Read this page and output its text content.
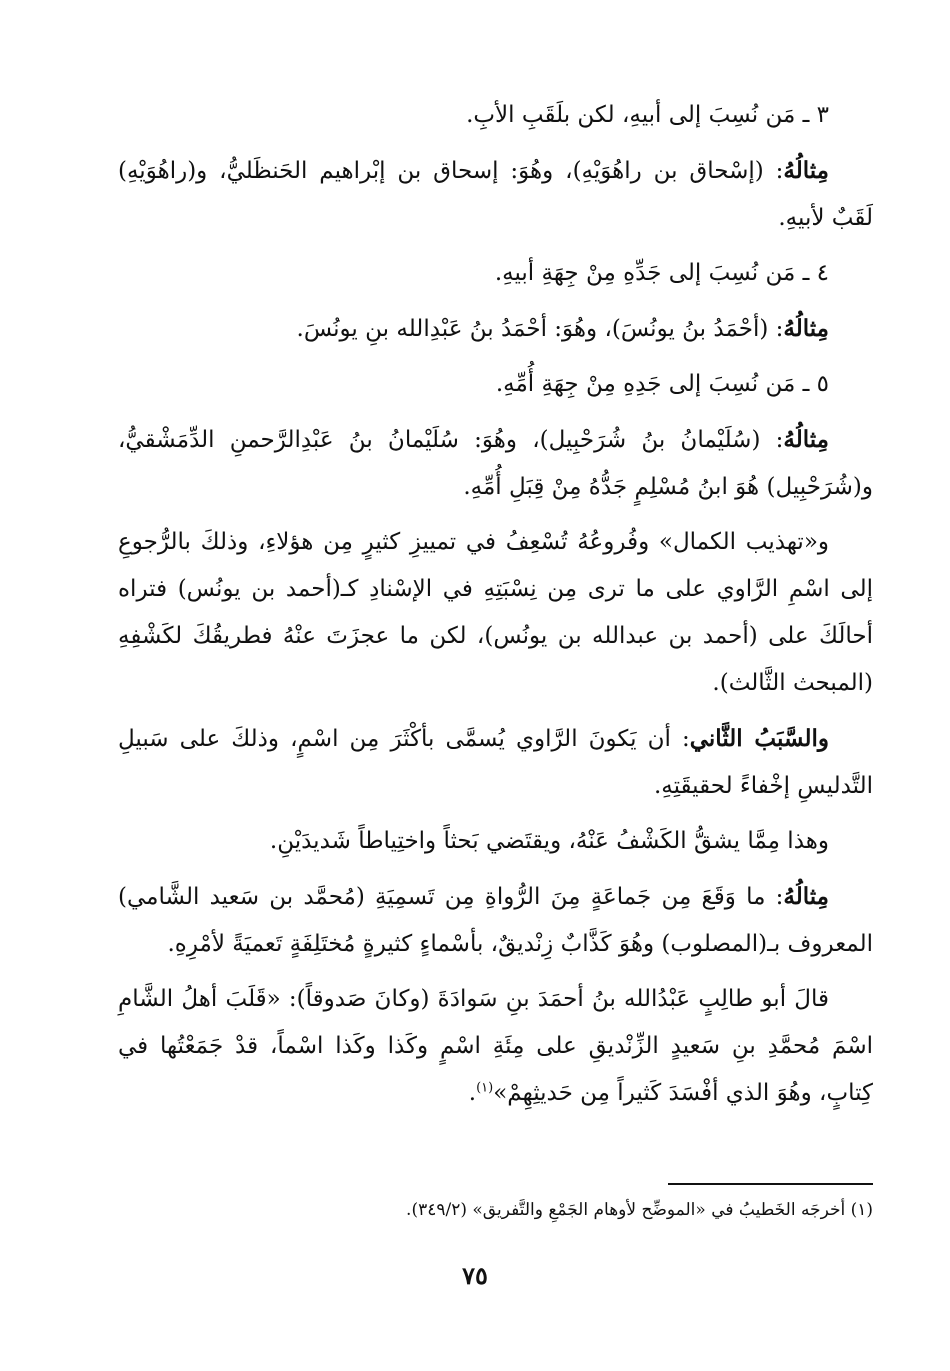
٣ ـ مَن نُسِبَ إلى أبيهِ، لكن بلَقَبِ الأبِ.

مِثالُهُ: (إسْحاق بن راهُوَيْهِ)، وهُوَ: إسحاق بن إبْراهيم الحَنظَليُّ، و(راهُوَيْهِ) لَقَبٌ لأبيهِ.

٤ ـ مَن نُسِبَ إلى جَدِّهِ مِنْ جِهَةِ أبيهِ.

مِثالُهُ: (أحْمَدُ بنُ يونُسَ)، وهُوَ: أحْمَدُ بنُ عَبْدِالله بنِ يونُسَ.

٥ ـ مَن نُسِبَ إلى جَدِهِ مِنْ جِهَةِ أُمِّهِ.

مِثالُهُ: (سُلَيْمانُ بنُ شُرَحْبِيل)، وهُوَ: سُلَيْمانُ بنُ عَبْدِالرَّحمنِ الدِّمَشْقيُّ، و(شُرَحْبِيل) هُوَ ابنُ مُسْلِمٍ جَدُّهُ مِنْ قِبَلِ أُمِّهِ.

و«تهذيب الكمال» وفُروعُهُ تُسْعِفُ في تمييزِ كثيرٍ مِن هؤلاءِ، وذلكَ بالرُّجوعِ إلى اسْمِ الرَّاوي على ما ترى مِن نِسْبَتِهِ في الإسْنادِ كـ(أحمد بن يونُس) فتراه أحالَكَ على (أحمد بن عبدالله بن يونُس)، لكن ما عجزَتَ عنْهُ فطريقُكَ لكَشْفِهِ (المبحث الثَّالث).

والسَّبَبُ الثَّاني: أن يَكونَ الرَّاوي يُسمَّى بأكْثَرَ مِن اسْمٍ، وذلكَ على سَبيلِ التَّدليسِ إخْفاءً لحقيقَتِهِ.

وهذا مِمَّا يشقُّ الكَشْفُ عَنْهُ، ويقتَضي بَحثاً واختِياطاً شَديدَيْنِ.

مِثالُهُ: ما وَقَعَ مِن جَماعَةٍ مِنَ الرُّواةِ مِن تَسمِيَةِ (مُحمَّد بن سَعيد الشَّامي) المعروف بـ(المصلوب) وهُوَ كَذَّابٌ زِنْديقٌ، بأسْماءٍ كثيرةٍ مُختَلِفَةٍ تَعميَةً لأمْرِهِ.

قالَ أبو طالِبٍ عَبْدُالله بنُ أحمَدَ بنِ سَوادَةَ (وكانَ صَدوقاً): «قَلَبَ أهلُ الشَّامِ اسْمَ مُحمَّدِ بنِ سَعيدٍ الزِّنْديقِ على مِئَةِ اسْمٍ وكَذا وكَذا اسْماً، قدْ جَمَعْتُها في كِتابٍ، وهُوَ الذي أفْسَدَ كَثيراً مِن حَديثِهِمْ»$^{(١)}$.

(١) أخرجَه الخَطيبُ في «الموضِّح لأوهام الجَمْعِ والتَّفريق» (٣٤٩/٢).

٧٥
